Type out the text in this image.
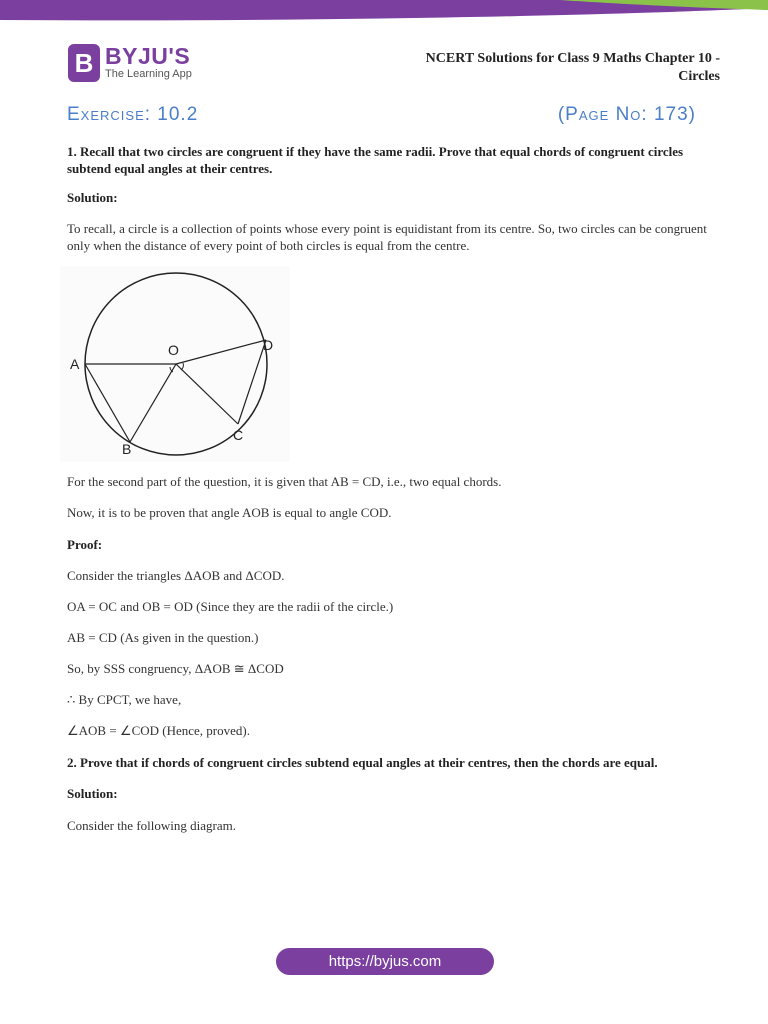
B BYJU'S
The Learning App
NCERT Solutions for Class 9 Maths Chapter 10 -
Circles
Exercise: 10.2	(Page No: 173)
1. Recall that two circles are congruent if they have the same radii. Prove that equal chords of congruent circles subtend equal angles at their centres.
Solution:
To recall, a circle is a collection of points whose every point is equidistant from its centre. So, two circles can be congruent only when the distance of every point of both circles is equal from the centre.
A
B
C
D
O
For the second part of the question, it is given that AB = CD, i.e., two equal chords.
Now, it is to be proven that angle AOB is equal to angle COD.
Proof:
Consider the triangles ΔAOB and ΔCOD.
OA = OC and OB = OD (Since they are the radii of the circle.)
AB = CD (As given in the question.)
So, by SSS congruency, ΔAOB ≅ ΔCOD
∴ By CPCT, we have,
∠AOB = ∠COD (Hence, proved).
2. Prove that if chords of congruent circles subtend equal angles at their centres, then the chords are equal.
Solution:
Consider the following diagram.
https://byjus.com
